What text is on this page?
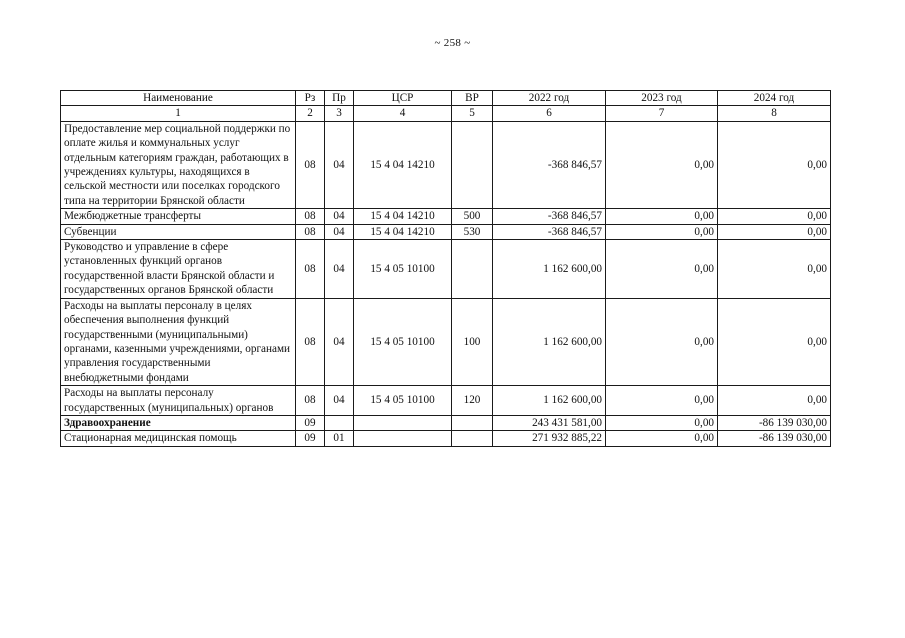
~ 258 ~
Наименование	Рз	Пр	ЦСР	ВР	2022 год	2023 год	2024 год
1	2	3	4	5	6	7	8
Предоставление мер социальной поддержки по оплате жилья и коммунальных услуг отдельным категориям граждан, работающих в учреждениях культуры, находящихся в сельской местности или поселках городского типа на территории Брянской области	08	04	15 4 04 14210		-368 846,57	0,00	0,00
Межбюджетные трансферты	08	04	15 4 04 14210	500	-368 846,57	0,00	0,00
Субвенции	08	04	15 4 04 14210	530	-368 846,57	0,00	0,00
Руководство и управление в сфере установленных функций органов государственной власти Брянской области и государственных органов Брянской области	08	04	15 4 05 10100		1 162 600,00	0,00	0,00
Расходы на выплаты персоналу в целях обеспечения выполнения функций государственными (муниципальными) органами, казенными учреждениями, органами управления государственными внебюджетными фондами	08	04	15 4 05 10100	100	1 162 600,00	0,00	0,00
Расходы на выплаты персоналу государственных (муниципальных) органов	08	04	15 4 05 10100	120	1 162 600,00	0,00	0,00
Здравоохранение	09				243 431 581,00	0,00	-86 139 030,00
Стационарная медицинская помощь	09	01			271 932 885,22	0,00	-86 139 030,00
